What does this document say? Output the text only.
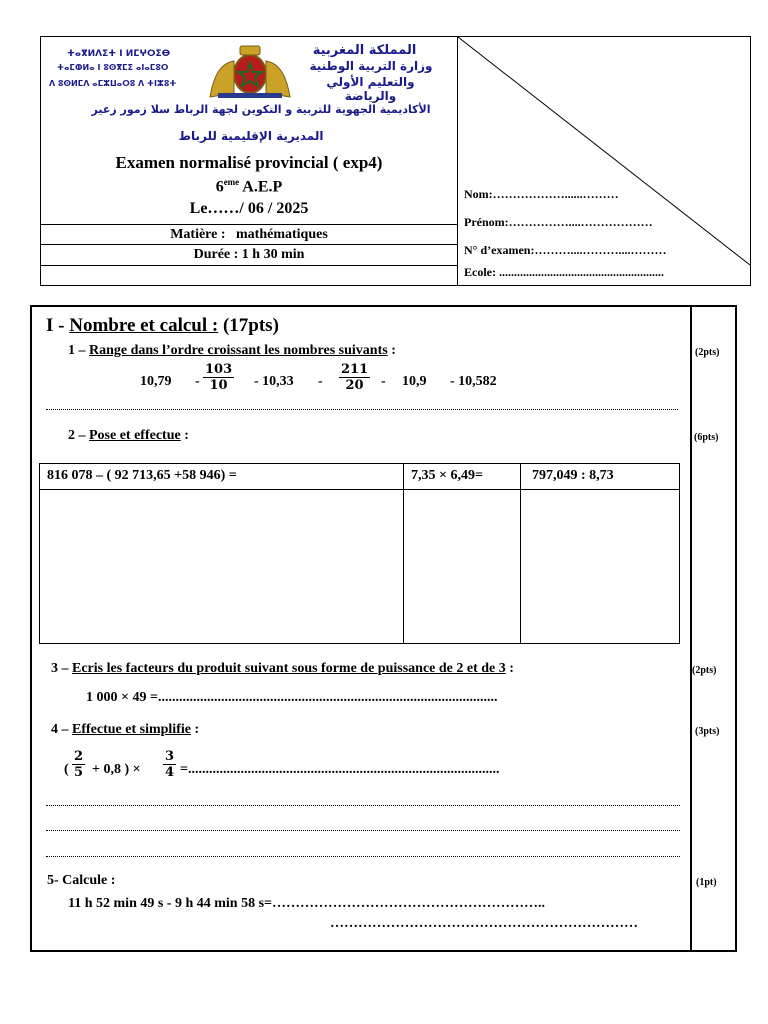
ⵜⴰⴳⵍⴷⵉⵜ ⵏ ⵍⵎⵖⵔⵉⴱ
ⵜⴰⵎⵀⵍⴰ ⵏ ⵓⵙⴳⵎⵉ ⴰⵏⴰⵎⵓⵔ
ⴷ ⵓⵙⵍⵎⴷ ⴰⵎⵣⵡⴰⵔⵓ ⴷ ⵜⵏⵣⵓⵜ
المملكة المغربية
وزارة التربية الوطنية
والتعليم الأولي والرياضة
الأكاديمية الجهوية للتربية و التكوين لجهة الرباط سلا زمور زعير
المديرية الإقليمية للرباط
Examen normalisé provincial ( exp4)
6eme A.E.P
Le……/ 06 / 2025
Matière : mathématiques
Durée : 1 h 30 min
Nom:………………......………
Prénom:……………....………………
N° d’examen:………....………....………
Ecole: .......................................................
I - Nombre et calcul : (17pts)
1 – Range dans l’ordre croissant les nombres suivants :	(2pts)
$10,79 - \frac{103}{10} - 10,33 - \frac{211}{20} - 10,9 - 10,582$
2 – Pose et effectue :	(6pts)
816 078 – ( 92 713,65 +58 946) =	7,35 × 6,49=	797,049 : 8,73
3 – Ecris les facteurs du produit suivant sous forme de puissance de 2 et de 3 :	(2pts)
1 000 × 49 =.................................................................................................
4 – Effectue et simplifie :	(3pts)
( $\frac{2}{5} + 0,8$ ) × $\frac{3}{4}$ =.........................................................................................
5- Calcule :	(1pt)
11 h 52 min 49 s - 9 h 44 min 58 s=…………………………………………………..
…………………………………………………………
